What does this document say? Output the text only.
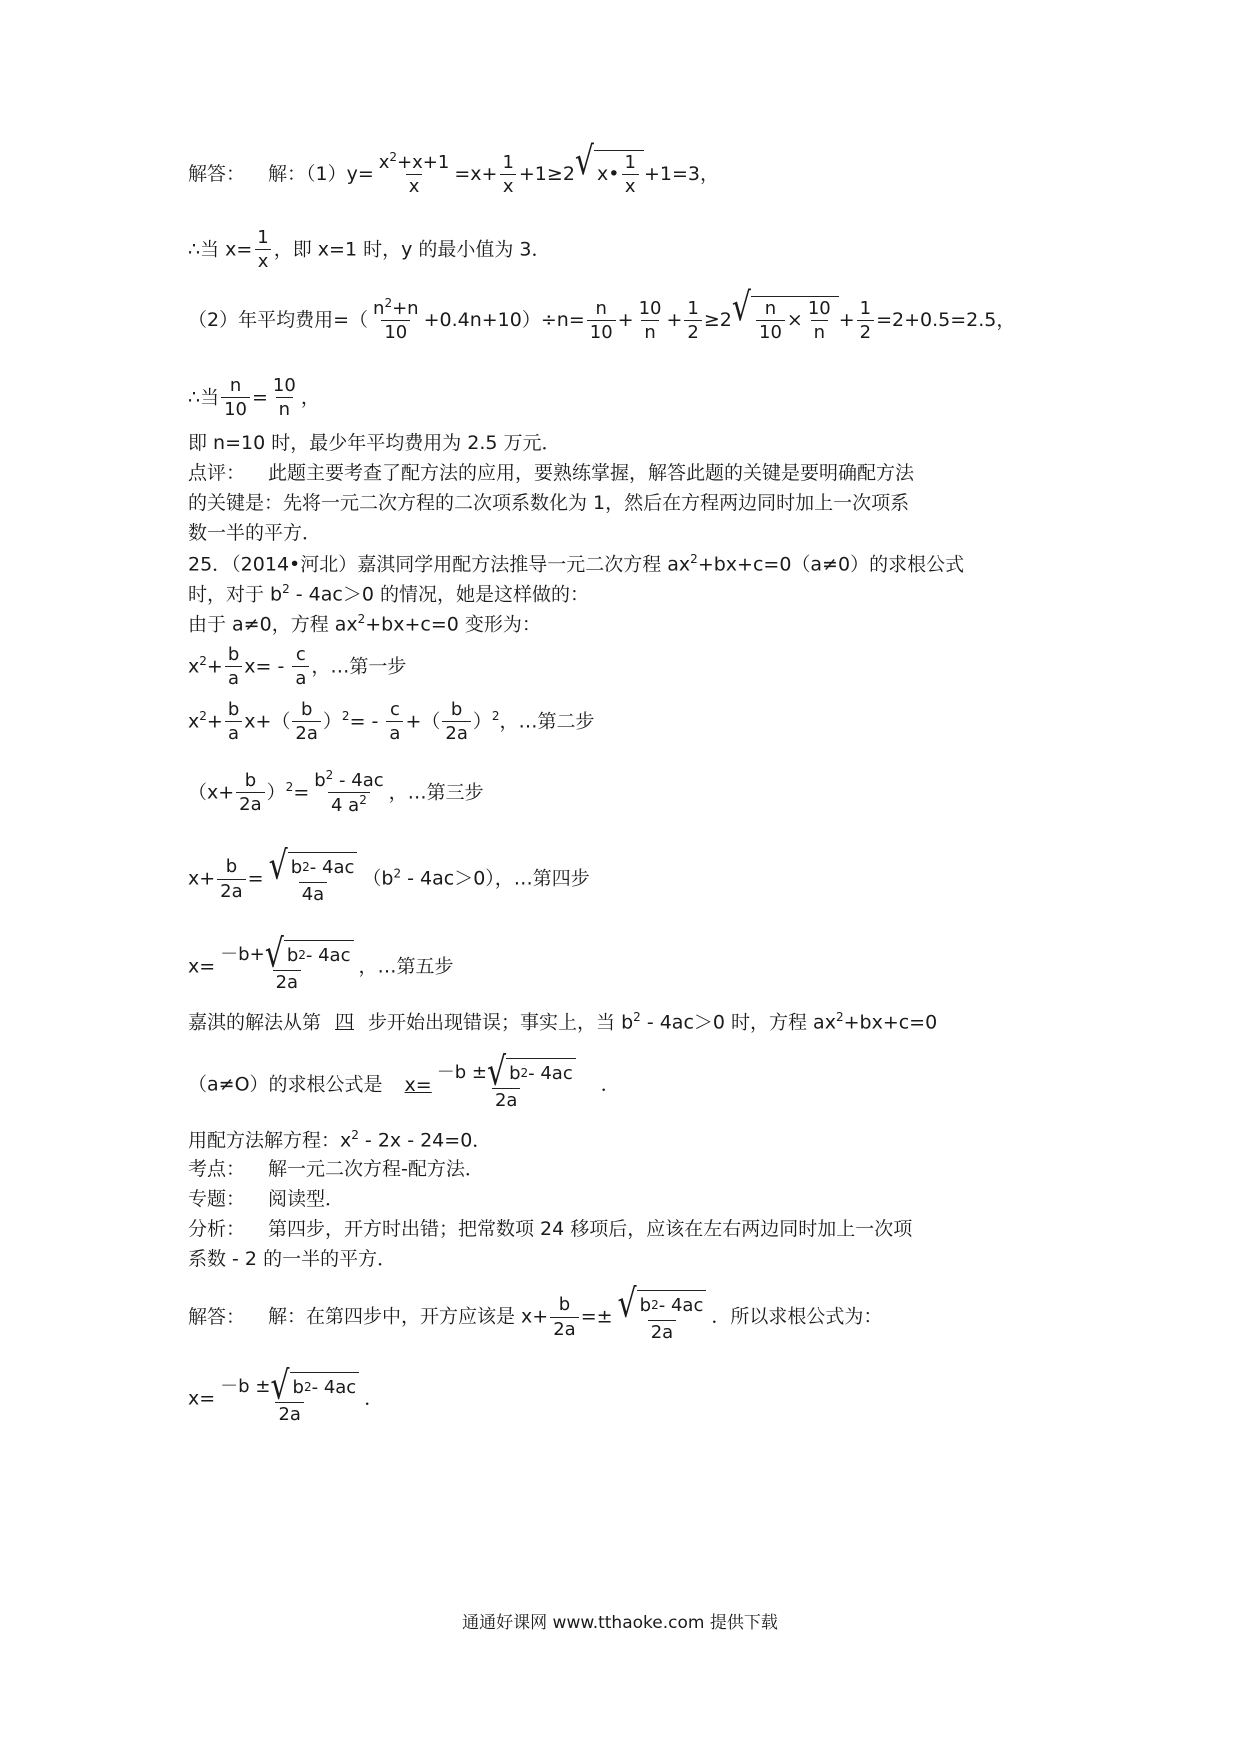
解答： 解：$(1)y= \frac{x^2+x+1}{x} =x+ \frac{1}{x} +1\ge 2$ √ x • $\frac{1}{x} +1=3$，
∴当 $x= \frac{1}{x}$ ，即 x=1 时，y 的最小值为 3．
（2）年平均费用=（ $\frac{n^2+n}{10} +0.4n+10)\div n= \frac{n}{10} + \frac{10}{n} + \frac{1}{2} \ge 2$ √ $\frac{n}{10} \times \frac{10}{n} + \frac{1}{2} =2+0.5=2.5$，
∴当 $\frac{n}{10} = \frac{10}{n}$ ，
即 n=10 时，最少年平均费用为 2.5 万元．
点评： 此题主要考查了配方法的应用，要熟练掌握，解答此题的关键是要明确配方法
的关键是：先将一元二次方程的二次项系数化为 1，然后在方程两边同时加上一次项系
数一半的平方．
25．（2014•河北）嘉淇同学用配方法推导一元二次方程 $ax^2+bx+c=0(a\ne 0)$的求根公式
时，对于 $b^2 - 4ac>0$ 的情况，她是这样做的：
由于 a≠0，方程 $ax^2+bx+c=0$ 变形为：
$x^2+ \frac{b}{a} x= - \frac{c}{a}$ ，…第一步
$x^2+ \frac{b}{a} x+( \frac{b}{2a} )^2= - \frac{c}{a}$ +（ $\frac{b}{2a} )^2$，…第二步
$(x+ \frac{b}{2a} )^2= \frac{b^2 - 4ac}{4 a^2}$ ，…第三步
$x+ \frac{b}{2a} = \frac{√ b 2 - 4ac}{4a} (b^2 - 4ac>0)$，…第四步
$x= \frac{-b+ √ b 2 - 4ac}{2a}$ ，…第五步
嘉淇的解法从第 四 步开始出现错误；事实上，当 $b^2 - 4ac>0$ 时，方程 $ax^2+bx+c=0$
（a≠O）的求根公式是 $x= \frac{-b \pm √ b 2 - 4ac}{2a}$ ．
用配方法解方程：$x^2 - 2x - 24=0$．
考点： 解一元二次方程-配方法．
专题： 阅读型．
分析： 第四步，开方时出错；把常数项 24 移项后，应该在左右两边同时加上一次项
系数 - 2 的一半的平方．
解答： 解：在第四步中，开方应该是 $x+ \frac{b}{2a} =\pm \frac{√ b 2 - 4ac}{2a}$ ．所以求根公式为：
$x= \frac{-b \pm √ b 2 - 4ac}{2a}$ ．
通通好课网 www.tthaoke.com 提供下载
